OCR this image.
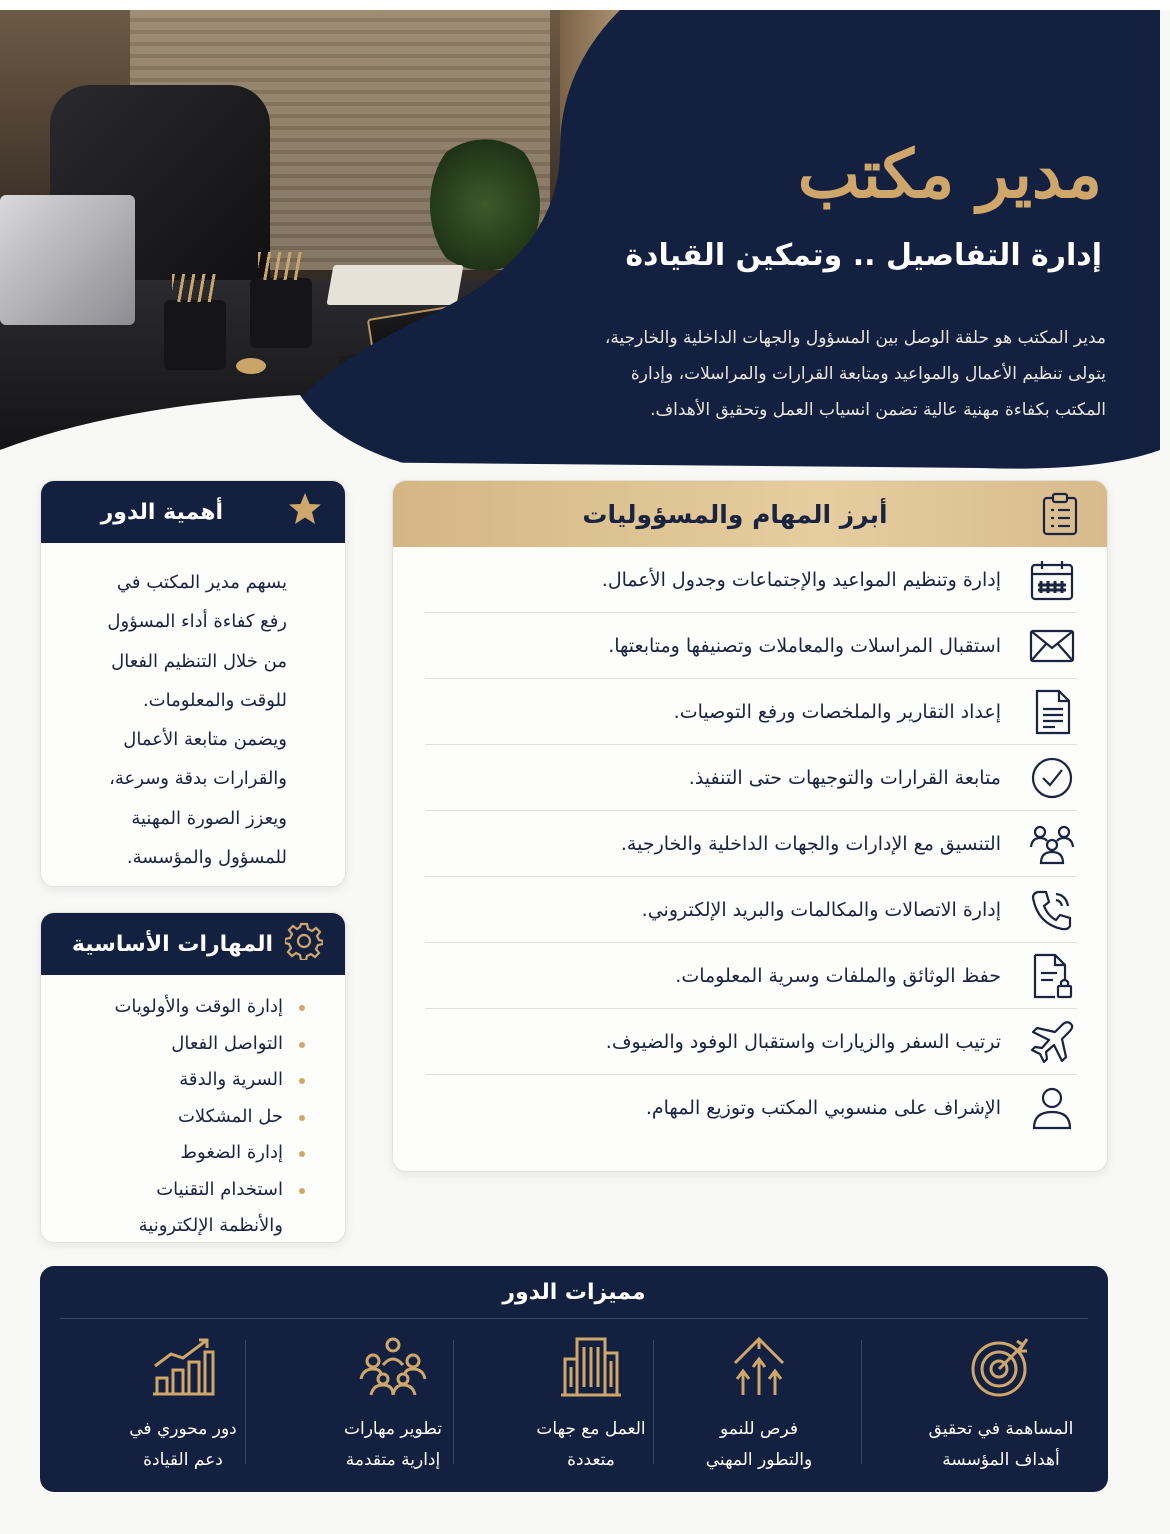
مدير مكتب
إدارة التفاصيل .. وتمكين القيادة
مدير المكتب هو حلقة الوصل بين المسؤول والجهات الداخلية والخارجية، يتولى تنظيم الأعمال والمواعيد ومتابعة القرارات والمراسلات، وإدارة المكتب بكفاءة مهنية عالية تضمن انسياب العمل وتحقيق الأهداف.
أبرز المهام والمسؤوليات
إدارة وتنظيم المواعيد والإجتماعات وجدول الأعمال.
استقبال المراسلات والمعاملات وتصنيفها ومتابعتها.
إعداد التقارير والملخصات ورفع التوصيات.
متابعة القرارات والتوجيهات حتى التنفيذ.
التنسيق مع الإدارات والجهات الداخلية والخارجية.
إدارة الاتصالات والمكالمات والبريد الإلكتروني.
حفظ الوثائق والملفات وسرية المعلومات.
ترتيب السفر والزيارات واستقبال الوفود والضيوف.
الإشراف على منسوبي المكتب وتوزيع المهام.
أهمية الدور
يسهم مدير المكتب في
رفع كفاءة أداء المسؤول
من خلال التنظيم الفعال
للوقت والمعلومات.
ويضمن متابعة الأعمال
والقرارات بدقة وسرعة،
ويعزز الصورة المهنية
للمسؤول والمؤسسة.
المهارات الأساسية
إدارة الوقت والأولويات
التواصل الفعال
السرية والدقة
حل المشكلات
إدارة الضغوط
استخدام التقنيات
والأنظمة الإلكترونية
مميزات الدور
المساهمة في تحقيق
أهداف المؤسسة
فرص للنمو
والتطور المهني
العمل مع جهات
متعددة
تطوير مهارات
إدارية متقدمة
دور محوري في
دعم القيادة
